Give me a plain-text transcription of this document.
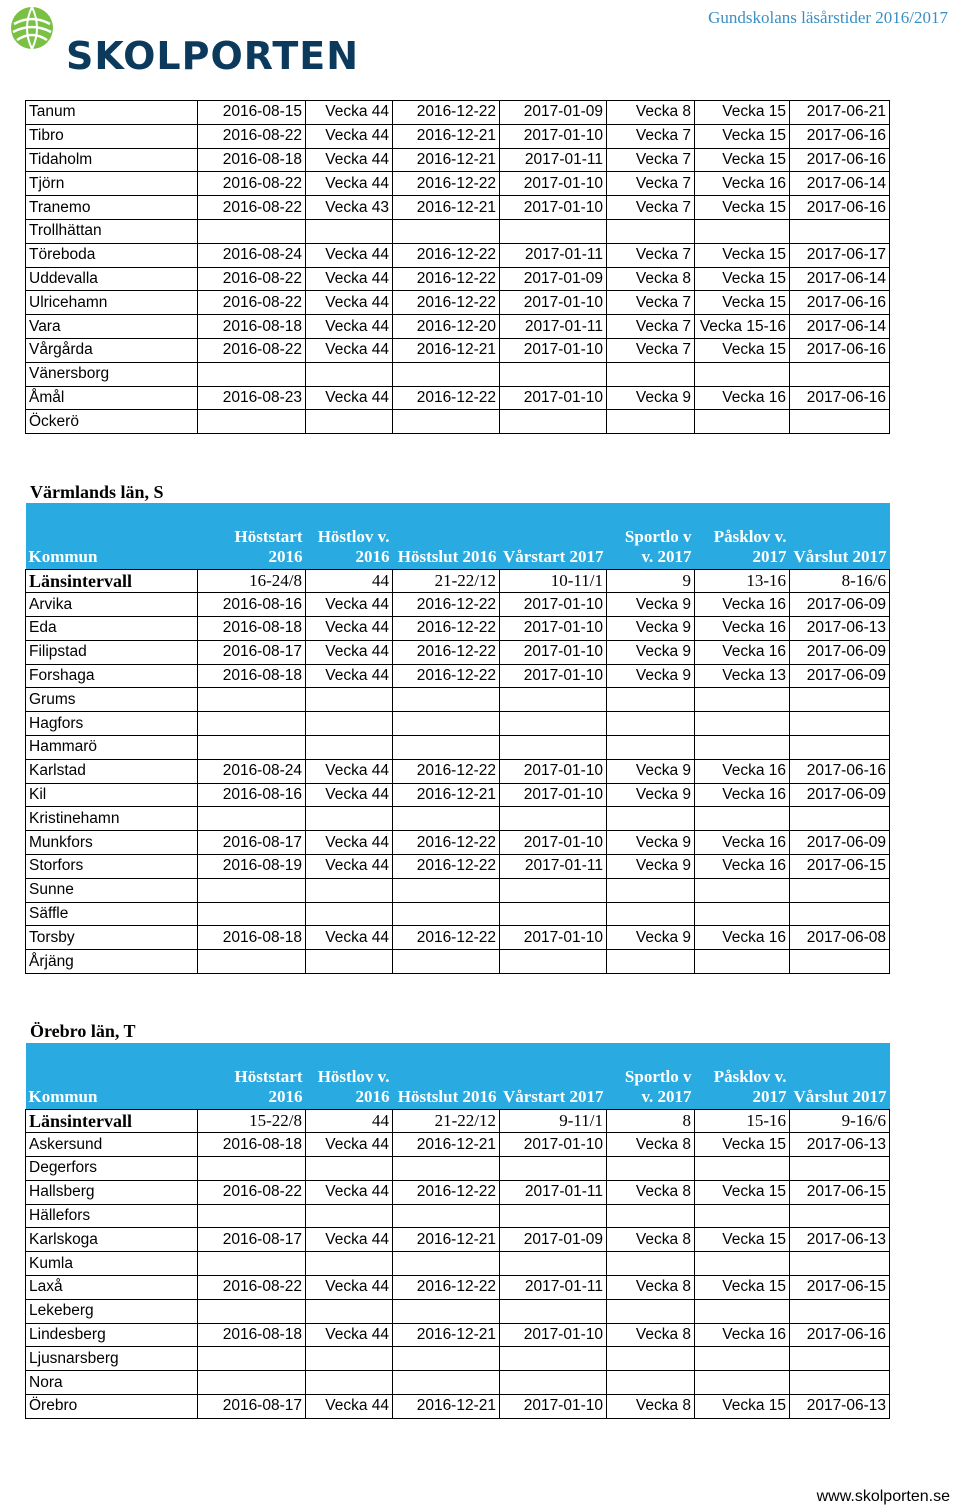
SKOLPORTEN
Gundskolans läsårstider 2016/2017
Tanum	2016-08-15	Vecka 44	2016-12-22	2017-01-09	Vecka 8	Vecka 15	2017-06-21
Tibro	2016-08-22	Vecka 44	2016-12-21	2017-01-10	Vecka 7	Vecka 15	2017-06-16
Tidaholm	2016-08-18	Vecka 44	2016-12-21	2017-01-11	Vecka 7	Vecka 15	2017-06-16
Tjörn	2016-08-22	Vecka 44	2016-12-22	2017-01-10	Vecka 7	Vecka 16	2017-06-14
Tranemo	2016-08-22	Vecka 43	2016-12-21	2017-01-10	Vecka 7	Vecka 15	2017-06-16
Trollhättan							
Töreboda	2016-08-24	Vecka 44	2016-12-22	2017-01-11	Vecka 7	Vecka 15	2017-06-17
Uddevalla	2016-08-22	Vecka 44	2016-12-22	2017-01-09	Vecka 8	Vecka 15	2017-06-14
Ulricehamn	2016-08-22	Vecka 44	2016-12-22	2017-01-10	Vecka 7	Vecka 15	2017-06-16
Vara	2016-08-18	Vecka 44	2016-12-20	2017-01-11	Vecka 7	Vecka 15-16	2017-06-14
Vårgårda	2016-08-22	Vecka 44	2016-12-21	2017-01-10	Vecka 7	Vecka 15	2017-06-16
Vänersborg							
Åmål	2016-08-23	Vecka 44	2016-12-22	2017-01-10	Vecka 9	Vecka 16	2017-06-16
Öckerö							
Värmlands län, S
Kommun	Höststart 2016	Höstlov v. 2016	Höstslut 2016	Vårstart 2017	Sportlo v v. 2017	Påsklov v. 2017	Vårslut 2017
Länsintervall	16-24/8	44	21-22/12	10-11/1	9	13-16	8-16/6
Arvika	2016-08-16	Vecka 44	2016-12-22	2017-01-10	Vecka 9	Vecka 16	2017-06-09
Eda	2016-08-18	Vecka 44	2016-12-22	2017-01-10	Vecka 9	Vecka 16	2017-06-13
Filipstad	2016-08-17	Vecka 44	2016-12-22	2017-01-10	Vecka 9	Vecka 16	2017-06-09
Forshaga	2016-08-18	Vecka 44	2016-12-22	2017-01-10	Vecka 9	Vecka 13	2017-06-09
Grums							
Hagfors							
Hammarö							
Karlstad	2016-08-24	Vecka 44	2016-12-22	2017-01-10	Vecka 9	Vecka 16	2017-06-16
Kil	2016-08-16	Vecka 44	2016-12-21	2017-01-10	Vecka 9	Vecka 16	2017-06-09
Kristinehamn							
Munkfors	2016-08-17	Vecka 44	2016-12-22	2017-01-10	Vecka 9	Vecka 16	2017-06-09
Storfors	2016-08-19	Vecka 44	2016-12-22	2017-01-11	Vecka 9	Vecka 16	2017-06-15
Sunne							
Säffle							
Torsby	2016-08-18	Vecka 44	2016-12-22	2017-01-10	Vecka 9	Vecka 16	2017-06-08
Årjäng							
Örebro län, T
Kommun	Höststart 2016	Höstlov v. 2016	Höstslut 2016	Vårstart 2017	Sportlo v v. 2017	Påsklov v. 2017	Vårslut 2017
Länsintervall	15-22/8	44	21-22/12	9-11/1	8	15-16	9-16/6
Askersund	2016-08-18	Vecka 44	2016-12-21	2017-01-10	Vecka 8	Vecka 15	2017-06-13
Degerfors							
Hallsberg	2016-08-22	Vecka 44	2016-12-22	2017-01-11	Vecka 8	Vecka 15	2017-06-15
Hällefors							
Karlskoga	2016-08-17	Vecka 44	2016-12-21	2017-01-09	Vecka 8	Vecka 15	2017-06-13
Kumla							
Laxå	2016-08-22	Vecka 44	2016-12-22	2017-01-11	Vecka 8	Vecka 15	2017-06-15
Lekeberg							
Lindesberg	2016-08-18	Vecka 44	2016-12-21	2017-01-10	Vecka 8	Vecka 16	2017-06-16
Ljusnarsberg							
Nora							
Örebro	2016-08-17	Vecka 44	2016-12-21	2017-01-10	Vecka 8	Vecka 15	2017-06-13
www.skolporten.se
